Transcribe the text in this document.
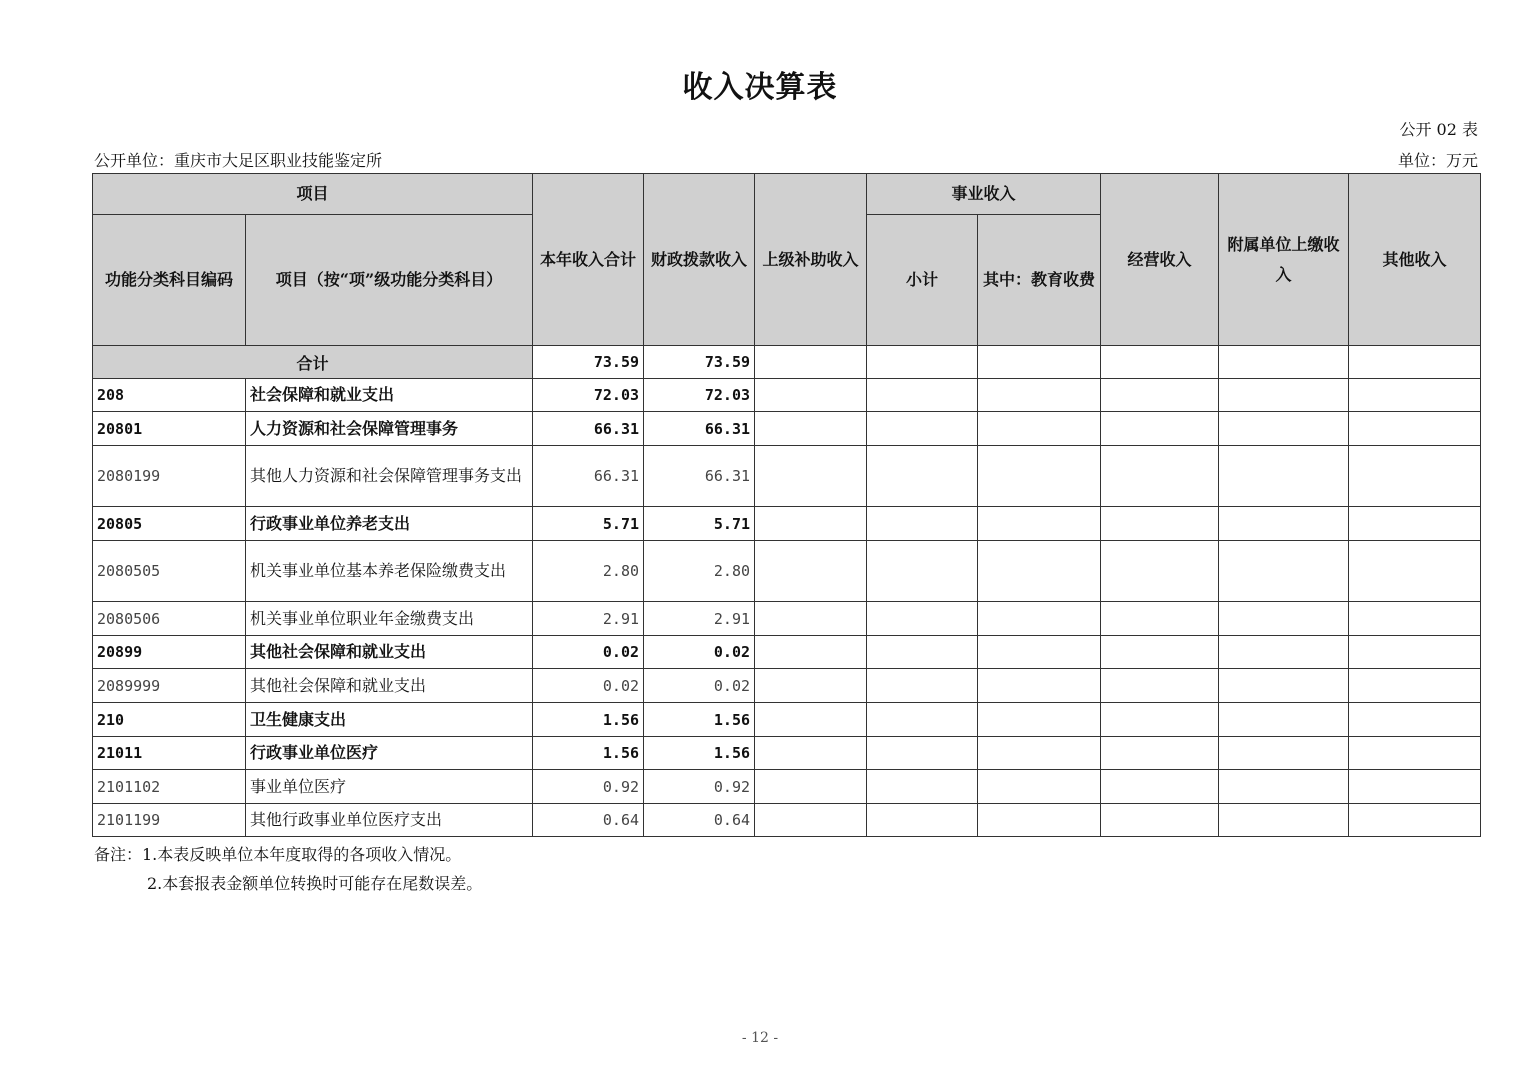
收入决算表
公开 02 表
公开单位：重庆市大足区职业技能鉴定所	单位：万元
项目		本年收入合计	财政拨款收入	上级补助收入	事业收入		经营收入	附属单位上缴收入	其他收入
功能分类科目编码	项目（按“项”级功能分类科目）				小计	其中：教育收费			
合计		73.59	73.59						
208	社会保障和就业支出	72.03	72.03						
20801	人力资源和社会保障管理事务	66.31	66.31						
2080199	其他人力资源和社会保障管理事务支出	66.31	66.31						
20805	行政事业单位养老支出	5.71	5.71						
2080505	机关事业单位基本养老保险缴费支出	2.80	2.80						
2080506	机关事业单位职业年金缴费支出	2.91	2.91						
20899	其他社会保障和就业支出	0.02	0.02						
2089999	其他社会保障和就业支出	0.02	0.02						
210	卫生健康支出	1.56	1.56						
21011	行政事业单位医疗	1.56	1.56						
2101102	事业单位医疗	0.92	0.92						
2101199	其他行政事业单位医疗支出	0.64	0.64						
备注：1.本表反映单位本年度取得的各项收入情况。
2.本套报表金额单位转换时可能存在尾数误差。
- 12 -
